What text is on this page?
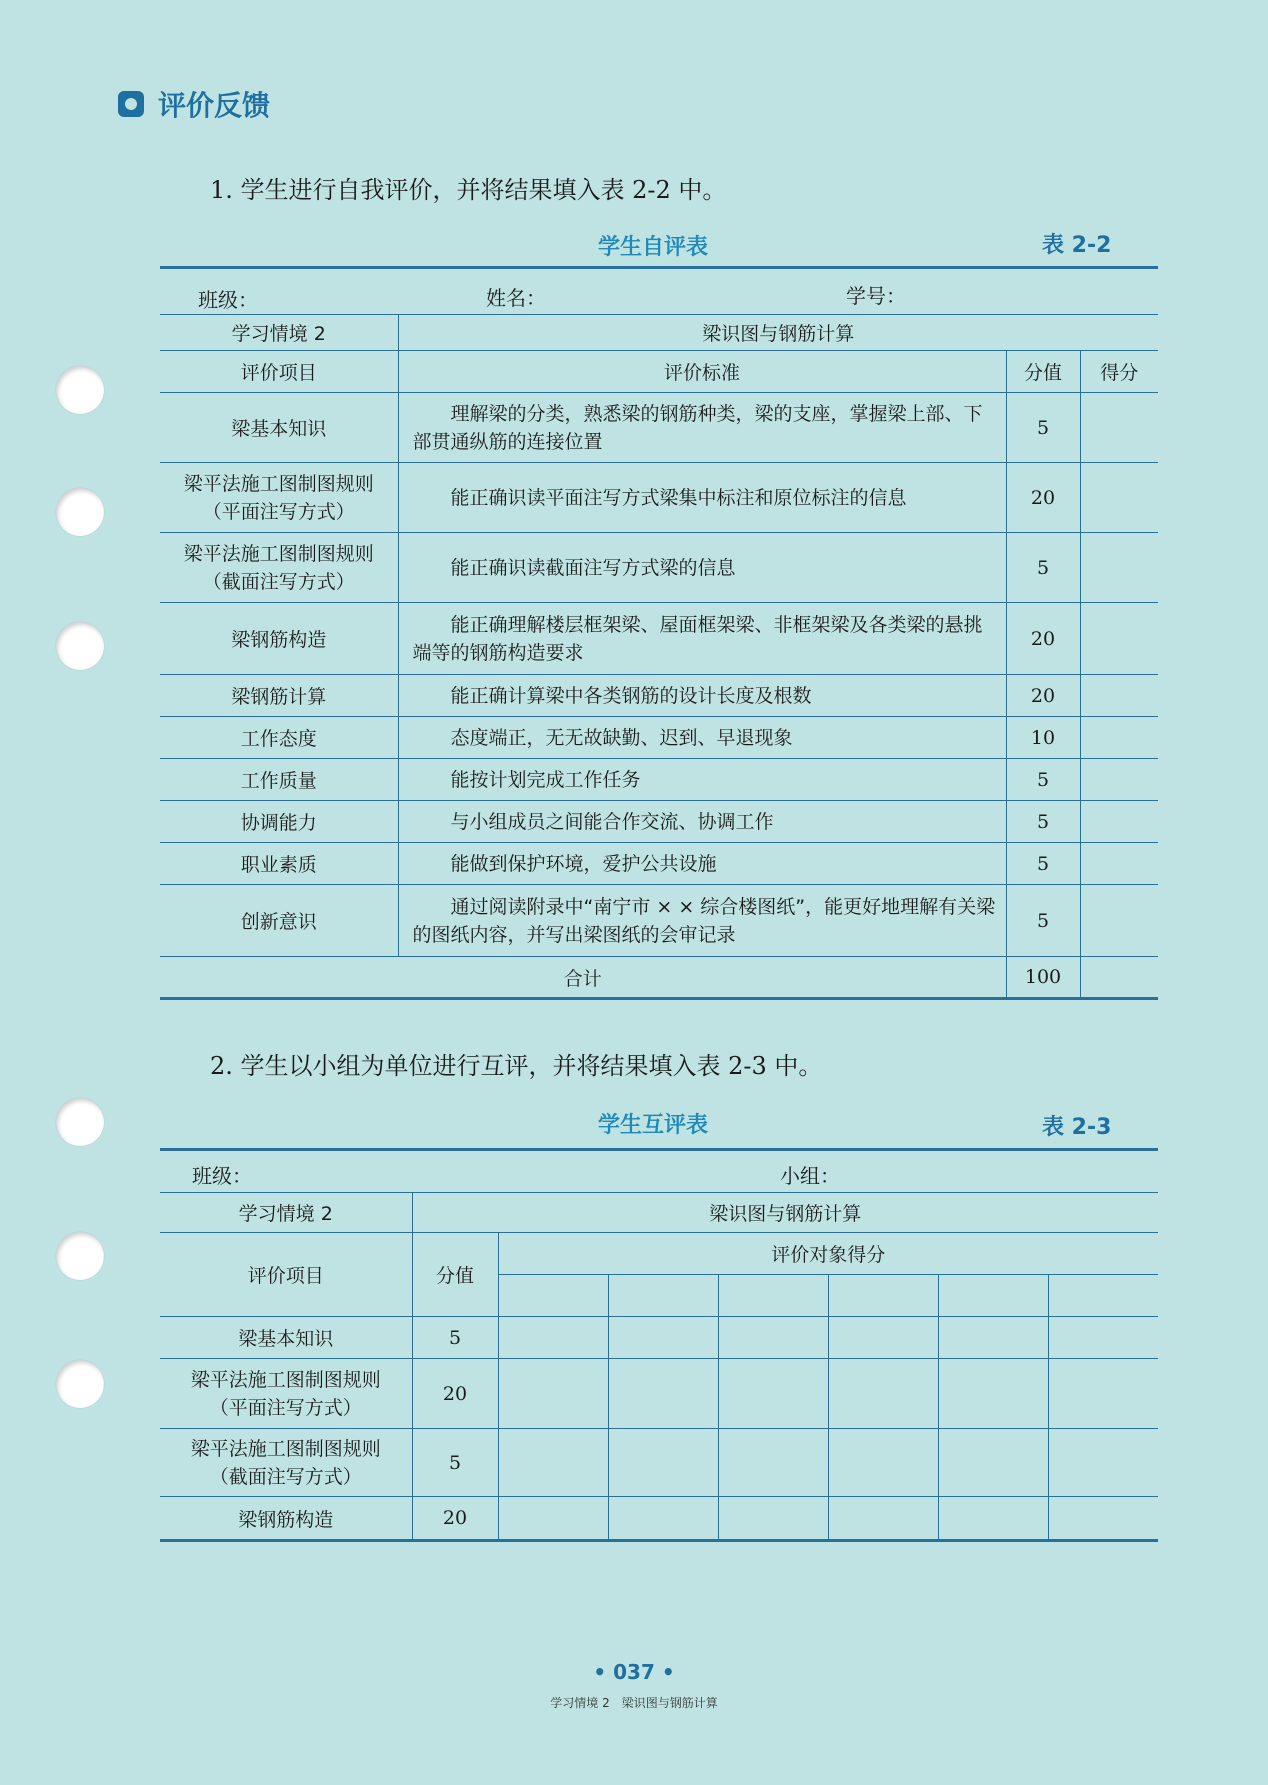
评价反馈
1. 学生进行自我评价，并将结果填入表 2-2 中。
学生自评表	表 2-2
班级：	姓名：	学号：
学习情境 2	梁识图与钢筋计算		
评价项目	评价标准	分值	得分
梁基本知识	理解梁的分类，熟悉梁的钢筋种类，梁的支座，掌握梁上部、下部贯通纵筋的连接位置	5	
梁平法施工图制图规则（平面注写方式）	能正确识读平面注写方式梁集中标注和原位标注的信息	20	
梁平法施工图制图规则（截面注写方式）	能正确识读截面注写方式梁的信息	5	
梁钢筋构造	能正确理解楼层框架梁、屋面框架梁、非框架梁及各类梁的悬挑端等的钢筋构造要求	20	
梁钢筋计算	能正确计算梁中各类钢筋的设计长度及根数	20	
工作态度	态度端正，无无故缺勤、迟到、早退现象	10	
工作质量	能按计划完成工作任务	5	
协调能力	与小组成员之间能合作交流、协调工作	5	
职业素质	能做到保护环境，爱护公共设施	5	
创新意识	通过阅读附录中“南宁市 × × 综合楼图纸”，能更好地理解有关梁的图纸内容，并写出梁图纸的会审记录	5	
合计		100	
2. 学生以小组为单位进行互评，并将结果填入表 2-3 中。
学生互评表	表 2-3
班级：	小组：
学习情境 2	梁识图与钢筋计算						
评价项目	分值	评价对象得分					

梁基本知识	5						
梁平法施工图制图规则（平面注写方式）	20						
梁平法施工图制图规则（截面注写方式）	5						
梁钢筋构造	20						
• 037 •
学习情境 2　梁识图与钢筋计算
